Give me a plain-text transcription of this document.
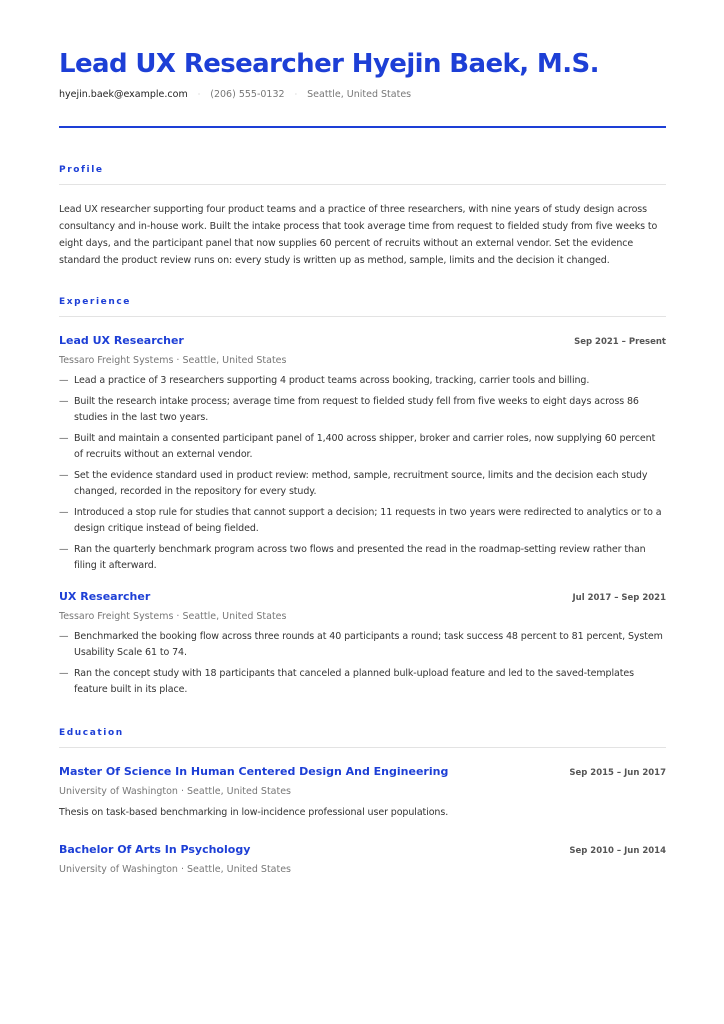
Lead UX Researcher Hyejin Baek, M.S.
hyejin.baek@example.com · (206) 555-0132 · Seattle, United States
Profile

Lead UX researcher supporting four product teams and a practice of three researchers, with nine years of study design across consultancy and in-house work. Built the intake process that took average time from request to fielded study from five weeks to eight days, and the participant panel that now supplies 60 percent of recruits without an external vendor. Set the evidence standard the product review runs on: every study is written up as method, sample, limits and the decision it changed.

Experience
Lead UX Researcher	Sep 2021 – Present
Tessaro Freight Systems · Seattle, United States
— Lead a practice of 3 researchers supporting 4 product teams across booking, tracking, carrier tools and billing.
— Built the research intake process; average time from request to fielded study fell from five weeks to eight days across 86 studies in the last two years.
— Built and maintain a consented participant panel of 1,400 across shipper, broker and carrier roles, now supplying 60 percent of recruits without an external vendor.
— Set the evidence standard used in product review: method, sample, recruitment source, limits and the decision each study changed, recorded in the repository for every study.
— Introduced a stop rule for studies that cannot support a decision; 11 requests in two years were redirected to analytics or to a design critique instead of being fielded.
— Ran the quarterly benchmark program across two flows and presented the read in the roadmap-setting review rather than filing it afterward.
UX Researcher	Jul 2017 – Sep 2021
Tessaro Freight Systems · Seattle, United States
— Benchmarked the booking flow across three rounds at 40 participants a round; task success 48 percent to 81 percent, System Usability Scale 61 to 74.
— Ran the concept study with 18 participants that canceled a planned bulk-upload feature and led to the saved-templates feature built in its place.
Education
Master Of Science In Human Centered Design And Engineering	Sep 2015 – Jun 2017
University of Washington · Seattle, United States
Thesis on task-based benchmarking in low-incidence professional user populations.
Bachelor Of Arts In Psychology	Sep 2010 – Jun 2014
University of Washington · Seattle, United States
